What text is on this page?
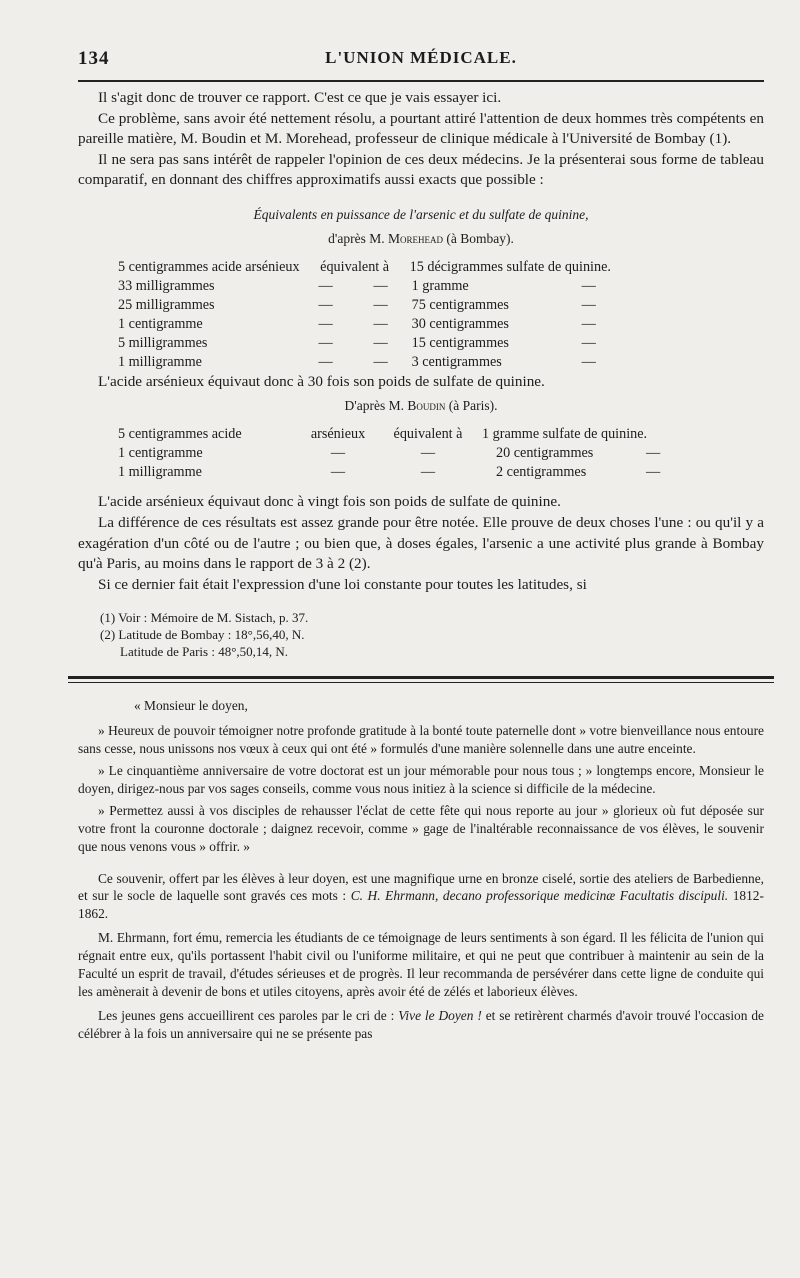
134	L'UNION MÉDICALE.

Il s'agit donc de trouver ce rapport. C'est ce que je vais essayer ici.

Ce problème, sans avoir été nettement résolu, a pourtant attiré l'attention de deux hommes très compétents en pareille matière, M. Boudin et M. Morehead, professeur de clinique médicale à l'Université de Bombay (1).

Il ne sera pas sans intérêt de rappeler l'opinion de ces deux médecins. Je la présenterai sous forme de tableau comparatif, en donnant des chiffres approximatifs aussi exacts que possible :

Équivalents en puissance de l'arsenic et du sulfate de quinine,
d'après M. Morehead (à Bombay).
5 centigrammes acide arsénieux	équivalent à		15 décigrammes sulfate de quinine.	
33 milligrammes	—	—	1 gramme	—
25 milligrammes	—	—	75 centigrammes	—
1 centigramme	—	—	30 centigrammes	—
5 milligrammes	—	—	15 centigrammes	—
1 milligramme	—	—	3 centigrammes	—

L'acide arsénieux équivaut donc à 30 fois son poids de sulfate de quinine.

D'après M. Boudin (à Paris).
5 centigrammes acide	arsénieux	équivalent à	1 gramme sulfate de quinine.	
1 centigramme	—	—	20 centigrammes	—
1 milligramme	—	—	2 centigrammes	—

L'acide arsénieux équivaut donc à vingt fois son poids de sulfate de quinine.

La différence de ces résultats est assez grande pour être notée. Elle prouve de deux choses l'une : ou qu'il y a exagération d'un côté ou de l'autre ; ou bien que, à doses égales, l'arsenic a une activité plus grande à Bombay qu'à Paris, au moins dans le rapport de 3 à 2 (2).

Si ce dernier fait était l'expression d'une loi constante pour toutes les latitudes, si

(1) Voir : Mémoire de M. Sistach, p. 37.

(2) Latitude de Bombay : 18°,56,40, N.

Latitude de Paris : 48°,50,14, N.

« Monsieur le doyen,

» Heureux de pouvoir témoigner notre profonde gratitude à la bonté toute paternelle dont » votre bienveillance nous entoure sans cesse, nous unissons nos vœux à ceux qui ont été » formulés d'une manière solennelle dans une autre enceinte.

» Le cinquantième anniversaire de votre doctorat est un jour mémorable pour nous tous ; » longtemps encore, Monsieur le doyen, dirigez-nous par vos sages conseils, comme vous nous initiez à la science si difficile de la médecine.

» Permettez aussi à vos disciples de rehausser l'éclat de cette fête qui nous reporte au jour » glorieux où fut déposée sur votre front la couronne doctorale ; daignez recevoir, comme » gage de l'inaltérable reconnaissance de vos élèves, le souvenir que nous venons vous » offrir. »

Ce souvenir, offert par les élèves à leur doyen, est une magnifique urne en bronze ciselé, sortie des ateliers de Barbedienne, et sur le socle de laquelle sont gravés ces mots : C. H. Ehrmann, decano professorique medicinæ Facultatis discipuli. 1812-1862.

M. Ehrmann, fort ému, remercia les étudiants de ce témoignage de leurs sentiments à son égard. Il les félicita de l'union qui régnait entre eux, qu'ils portassent l'habit civil ou l'uniforme militaire, et qui ne peut que contribuer à maintenir au sein de la Faculté un esprit de travail, d'études sérieuses et de progrès. Il leur recommanda de persévérer dans cette ligne de conduite qui les amènerait à devenir de bons et utiles citoyens, après avoir été de zélés et laborieux élèves.

Les jeunes gens accueillirent ces paroles par le cri de : Vive le Doyen ! et se retirèrent charmés d'avoir trouvé l'occasion de célébrer à la fois un anniversaire qui ne se présente pas
